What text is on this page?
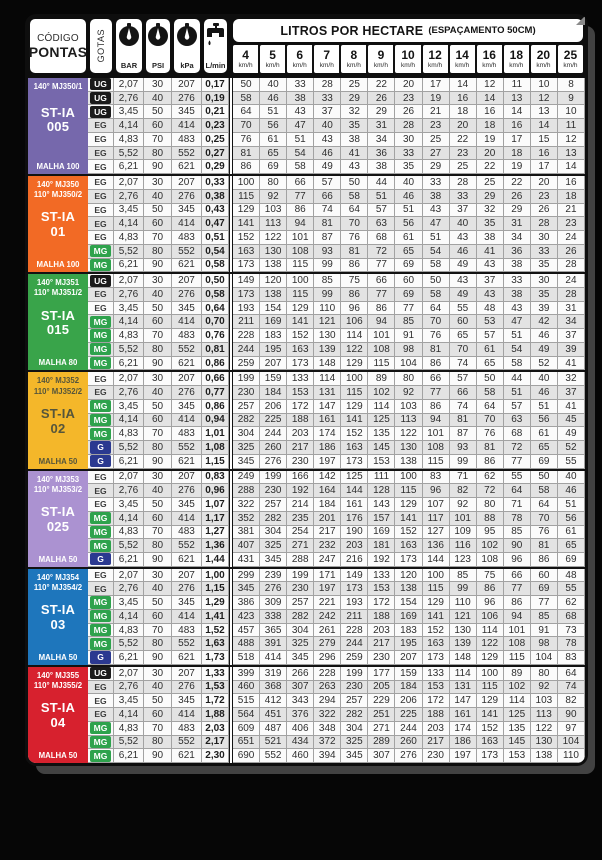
CÓDIGO
PONTAS GOTAS
BAR PSI kPa L/min
LITROS POR HECTARE (ESPAÇAMENTO 50CM)
4
km/h
5
km/h
6
km/h
7
km/h
8
km/h
9
km/h
10
km/h
12
km/h
14
km/h
16
km/h
18
km/h
20
km/h
25
km/h
140° MJ350/1
ST-IA
005
MALHA 100
UG	2,07	30	207	0,17	50	40	33	28	25	22	20	17	14	12	11	10	8
UG	2,76	40	276	0,19	58	46	38	33	29	26	23	19	16	14	13	12	9
UG	3,45	50	345	0,21	64	51	43	37	32	29	26	21	18	16	14	13	10
EG	4,14	60	414	0,23	70	56	47	40	35	31	28	23	20	18	16	14	11
EG	4,83	70	483	0,25	76	61	51	43	38	34	30	25	22	19	17	15	12
EG	5,52	80	552	0,27	81	65	54	46	41	36	33	27	23	20	18	16	13
EG	6,21	90	621	0,29	86	69	58	49	43	38	35	29	25	22	19	17	14
140° MJ350
110° MJ350/2
ST-IA
01
MALHA 100
EG	2,07	30	207	0,33	100	80	66	57	50	44	40	33	28	25	22	20	16
EG	2,76	40	276	0,38	115	92	77	66	58	51	46	38	33	29	26	23	18
EG	3,45	50	345	0,43	129	103	86	74	64	57	51	43	37	32	29	26	21
EG	4,14	60	414	0,47	141	113	94	81	70	63	56	47	40	35	31	28	23
EG	4,83	70	483	0,51	152	122	101	87	76	68	61	51	43	38	34	30	24
MG	5,52	80	552	0,54	163	130	108	93	81	72	65	54	46	41	36	33	26
MG	6,21	90	621	0,58	173	138	115	99	86	77	69	58	49	43	38	35	28
140° MJ351
110° MJ351/2
ST-IA
015
MALHA 80
UG	2,07	30	207	0,50	149	120	100	85	75	66	60	50	43	37	33	30	24
EG	2,76	40	276	0,58	173	138	115	99	86	77	69	58	49	43	38	35	28
EG	3,45	50	345	0,64	193	154	129	110	96	86	77	64	55	48	43	39	31
MG	4,14	60	414	0,70	211	169	141	121	106	94	85	70	60	53	47	42	34
MG	4,83	70	483	0,76	228	183	152	130	114	101	91	76	65	57	51	46	37
MG	5,52	80	552	0,81	244	195	163	139	122	108	98	81	70	61	54	49	39
MG	6,21	90	621	0,86	259	207	173	148	129	115	104	86	74	65	58	52	41
140° MJ352
110° MJ352/2
ST-IA
02
MALHA 50
EG	2,07	30	207	0,66	199	159	133	114	100	89	80	66	57	50	44	40	32
EG	2,76	40	276	0,77	230	184	153	131	115	102	92	77	66	58	51	46	37
MG	3,45	50	345	0,86	257	206	172	147	129	114	103	86	74	64	57	51	41
MG	4,14	60	414	0,94	282	225	188	161	141	125	113	94	81	70	63	56	45
MG	4,83	70	483	1,01	304	244	203	174	152	135	122	101	87	76	68	61	49
G	5,52	80	552	1,08	325	260	217	186	163	145	130	108	93	81	72	65	52
G	6,21	90	621	1,15	345	276	230	197	173	153	138	115	99	86	77	69	55
140° MJ353
110° MJ353/2
ST-IA
025
MALHA 50
EG	2,07	30	207	0,83	249	199	166	142	125	111	100	83	71	62	55	50	40
EG	2,76	40	276	0,96	288	230	192	164	144	128	115	96	82	72	64	58	46
EG	3,45	50	345	1,07	322	257	214	184	161	143	129	107	92	80	71	64	51
MG	4,14	60	414	1,17	352	282	235	201	176	157	141	117	101	88	78	70	56
MG	4,83	70	483	1,27	381	304	254	217	190	169	152	127	109	95	85	76	61
MG	5,52	80	552	1,36	407	325	271	232	203	181	163	136	116	102	90	81	65
G	6,21	90	621	1,44	431	345	288	247	216	192	173	144	123	108	96	86	69
140° MJ354
110° MJ354/2
ST-IA
03
MALHA 50
EG	2,07	30	207	1,00	299	239	199	171	149	133	120	100	85	75	66	60	48
EG	2,76	40	276	1,15	345	276	230	197	173	153	138	115	99	86	77	69	55
MG	3,45	50	345	1,29	386	309	257	221	193	172	154	129	110	96	86	77	62
MG	4,14	60	414	1,41	423	338	282	242	211	188	169	141	121	106	94	85	68
MG	4,83	70	483	1,52	457	365	304	261	228	203	183	152	130	114	101	91	73
MG	5,52	80	552	1,63	488	391	325	279	244	217	195	163	139	122	108	98	78
G	6,21	90	621	1,73	518	414	345	296	259	230	207	173	148	129	115	104	83
140° MJ355
110° MJ355/2
ST-IA
04
MALHA 50
UG	2,07	30	207	1,33	399	319	266	228	199	177	159	133	114	100	89	80	64
EG	2,76	40	276	1,53	460	368	307	263	230	205	184	153	131	115	102	92	74
EG	3,45	50	345	1,72	515	412	343	294	257	229	206	172	147	129	114	103	82
EG	4,14	60	414	1,88	564	451	376	322	282	251	225	188	161	141	125	113	90
MG	4,83	70	483	2,03	609	487	406	348	304	271	244	203	174	152	135	122	97
MG	5,52	80	552	2,17	651	521	434	372	325	289	260	217	186	163	145	130	104
MG	6,21	90	621	2,30	690	552	460	394	345	307	276	230	197	173	153	138	110
